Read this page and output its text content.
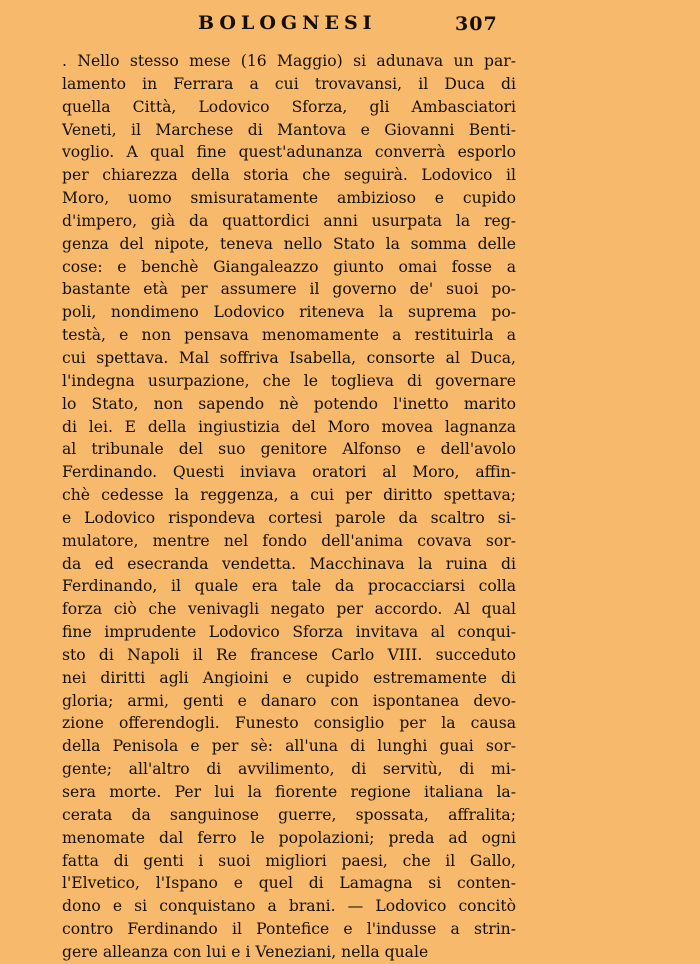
BOLOGNESI	307
. Nello stesso mese (16 Maggio) si adunava un par-
lamento in Ferrara a cui trovavansi, il Duca di
quella Città, Lodovico Sforza, gli Ambasciatori
Veneti, il Marchese di Mantova e Giovanni Benti-
voglio. A qual fine quest'adunanza converrà esporlo
per chiarezza della storia che seguirà. Lodovico il
Moro, uomo smisuratamente ambizioso e cupido
d'impero, già da quattordici anni usurpata la reg-
genza del nipote, teneva nello Stato la somma delle
cose: e benchè Giangaleazzo giunto omai fosse a
bastante età per assumere il governo de' suoi po-
poli, nondimeno Lodovico riteneva la suprema po-
testà, e non pensava menomamente a restituirla a
cui spettava. Mal soffriva Isabella, consorte al Duca,
l'indegna usurpazione, che le toglieva di governare
lo Stato, non sapendo nè potendo l'inetto marito
di lei. E della ingiustizia del Moro movea lagnanza
al tribunale del suo genitore Alfonso e dell'avolo
Ferdinando. Questi inviava oratori al Moro, affin-
chè cedesse la reggenza, a cui per diritto spettava;
e Lodovico rispondeva cortesi parole da scaltro si-
mulatore, mentre nel fondo dell'anima covava sor-
da ed esecranda vendetta. Macchinava la ruina di
Ferdinando, il quale era tale da procacciarsi colla
forza ciò che venivagli negato per accordo. Al qual
fine imprudente Lodovico Sforza invitava al conqui-
sto di Napoli il Re francese Carlo VIII. succeduto
nei diritti agli Angioini e cupido estremamente di
gloria; armi, genti e danaro con ispontanea devo-
zione offerendogli. Funesto consiglio per la causa
della Penisola e per sè: all'una di lunghi guai sor-
gente; all'altro di avvilimento, di servitù, di mi-
sera morte. Per lui la fiorente regione italiana la-
cerata da sanguinose guerre, spossata, affralita;
menomate dal ferro le popolazioni; preda ad ogni
fatta di genti i suoi migliori paesi, che il Gallo,
l'Elvetico, l'Ispano e quel di Lamagna si conten-
dono e si conquistano a brani. — Lodovico concitò
contro Ferdinando il Pontefice e l'indusse a strin-
gere alleanza con lui e i Veneziani, nella quale
